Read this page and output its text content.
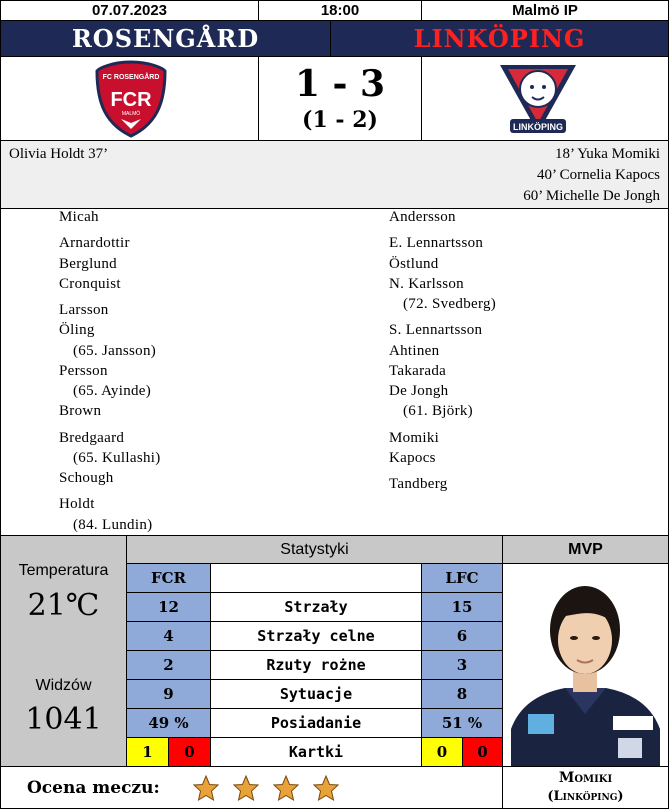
07.07.2023	18:00	Malmö IP
ROSENGÅRD	LINKÖPING
FC ROSENGÅRD
FCR
MALMÖ
1 - 3
(1 - 2)	LINKÖPING
Olivia Holdt 37’	18’ Yuka Momiki
40’ Cornelia Kapocs
60’ Michelle De Jongh
Micah
Arnardottir
Berglund
Cronquist
Larsson
Öling
(65. Jansson)
Persson
(65. Ayinde)
Brown
Bredgaard
(65. Kullashi)
Schough
Holdt
(84. Lundin)
Andersson
E. Lennartsson
Östlund
N. Karlsson
(72. Svedberg)
S. Lennartsson
Ahtinen
Takarada
De Jongh
(61. Björk)
Momiki
Kapocs
Tandberg
Temperatura
21℃
Widzów
1041
Statystyki
FCR	LFC
12	Strzały	15
4	Strzały celne	6
2	Rzuty rożne	3
9	Sytuacje	8
49 %	Posiadanie	51 %
1	0	Kartki	0	0
MVP
Ocena meczu:	Momiki
(Linköping)
